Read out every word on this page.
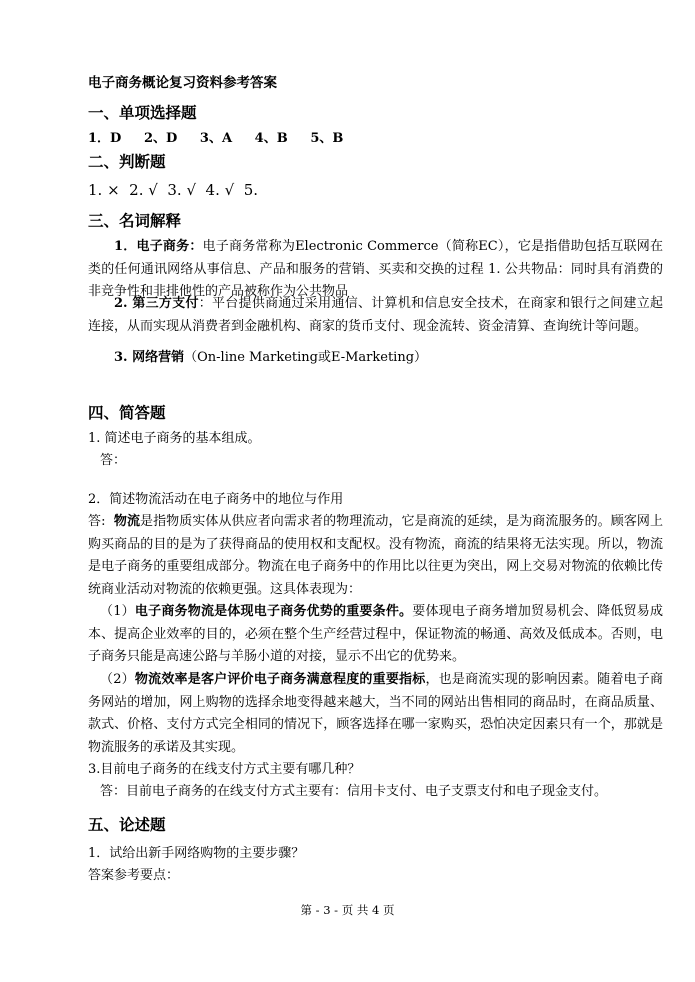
电子商务概论复习资料参考答案
一、单项选择题
1．D     2、D     3、A     4、B     5、B
二、判断题
1. ×  2. √  3. √  4. √  5.
三、名词解释
1．电子商务：电子商务常称为Electronic Commerce（简称EC），它是指借助包括互联网在类的任何通讯网络从事信息、产品和服务的营销、买卖和交换的过程 1. 公共物品：同时具有消费的非竞争性和非排他性的产品被称作为公共物品
2. 第三方支付：平台提供商通过采用通信、计算机和信息安全技术，在商家和银行之间建立起连接，从而实现从消费者到金融机构、商家的货币支付、现金流转、资金清算、查询统计等问题。
3. 网络营销（On-line Marketing或E-Marketing）
四、简答题
1. 简述电子商务的基本组成。
答：
2．简述物流活动在电子商务中的地位与作用
答:  物流是指物质实体从供应者向需求者的物理流动，它是商流的延续，是为商流服务的。顾客网上购买商品的目的是为了获得商品的使用权和支配权。没有物流，商流的结果将无法实现。所以，物流是电子商务的重要组成部分。物流在电子商务中的作用比以往更为突出，网上交易对物流的依赖比传统商业活动对物流的依赖更强。这具体表现为：
（1）电子商务物流是体现电子商务优势的重要条件。要体现电子商务增加贸易机会、降低贸易成本、提高企业效率的目的，必须在整个生产经营过程中，保证物流的畅通、高效及低成本。否则，电子商务只能是高速公路与羊肠小道的对接，显示不出它的优势来。
（2）物流效率是客户评价电子商务满意程度的重要指标，也是商流实现的影响因素。随着电子商务网站的增加，网上购物的选择余地变得越来越大，当不同的网站出售相同的商品时，在商品质量、款式、价格、支付方式完全相同的情况下，顾客选择在哪一家购买，恐怕决定因素只有一个，那就是物流服务的承诺及其实现。
3.目前电子商务的在线支付方式主要有哪几种？
答：目前电子商务的在线支付方式主要有：信用卡支付、电子支票支付和电子现金支付。
五、论述题
1．试给出新手网络购物的主要步骤？
答案参考要点：
第 - 3 - 页 共 4 页
